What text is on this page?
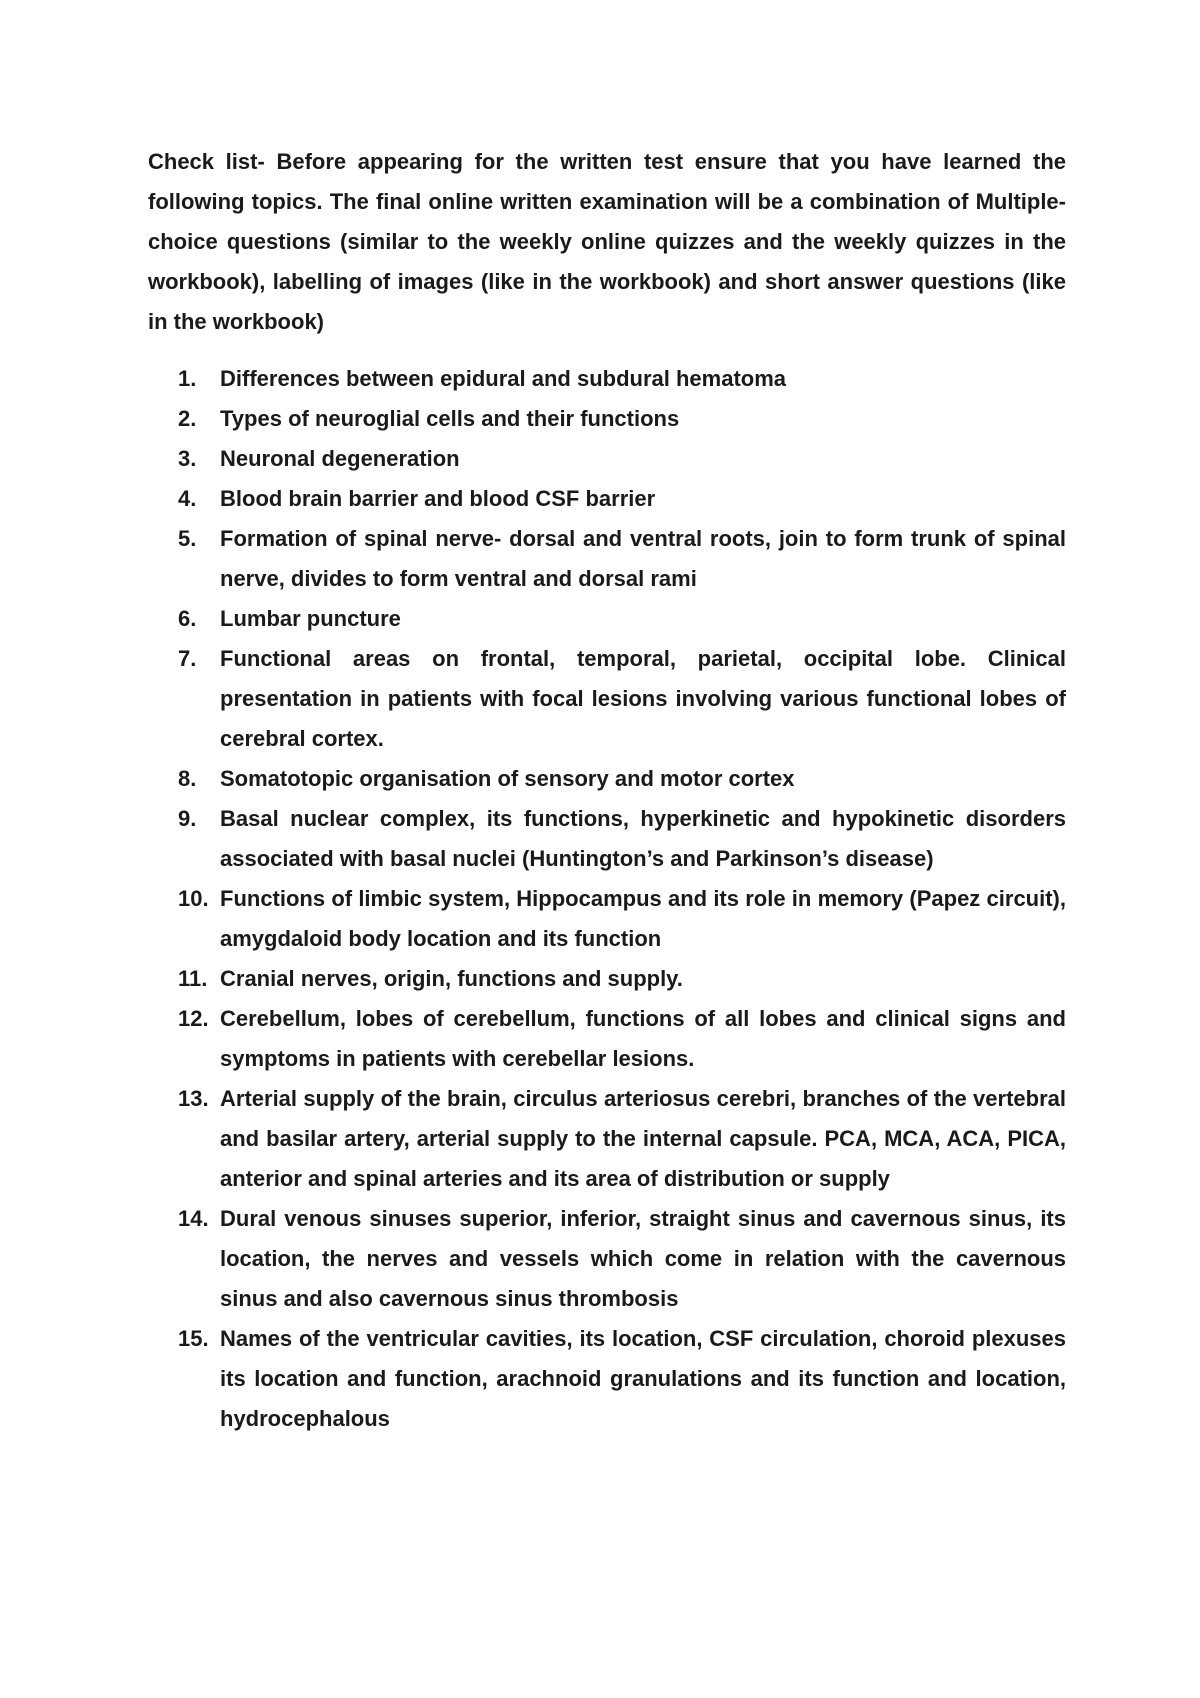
Check list- Before appearing for the written test ensure that you have learned the following topics. The final online written examination will be a combination of Multiple-choice questions (similar to the weekly online quizzes and the weekly quizzes in the workbook), labelling of images (like in the workbook) and short answer questions (like in the workbook)

1.	Differences between epidural and subdural hematoma
2.	Types of neuroglial cells and their functions
3.	Neuronal degeneration
4.	Blood brain barrier and blood CSF barrier
5.	Formation of spinal nerve- dorsal and ventral roots, join to form trunk of spinal nerve, divides to form ventral and dorsal rami
6.	Lumbar puncture
7.	Functional areas on frontal, temporal, parietal, occipital lobe. Clinical presentation in patients with focal lesions involving various functional lobes of cerebral cortex.
8.	Somatotopic organisation of sensory and motor cortex
9.	Basal nuclear complex, its functions, hyperkinetic and hypokinetic disorders associated with basal nuclei (Huntington’s and Parkinson’s disease)
10. Functions of limbic system, Hippocampus and its role in memory (Papez circuit), amygdaloid body location and its function
11. Cranial nerves, origin, functions and supply.
12. Cerebellum, lobes of cerebellum, functions of all lobes and clinical signs and symptoms in patients with cerebellar lesions.
13. Arterial supply of the brain, circulus arteriosus cerebri, branches of the vertebral and basilar artery, arterial supply to the internal capsule. PCA, MCA, ACA, PICA, anterior and spinal arteries and its area of distribution or supply
14. Dural venous sinuses superior, inferior, straight sinus and cavernous sinus, its location, the nerves and vessels which come in relation with the cavernous sinus and also cavernous sinus thrombosis
15. Names of the ventricular cavities, its location, CSF circulation, choroid plexuses its location and function, arachnoid granulations and its function and location, hydrocephalous
